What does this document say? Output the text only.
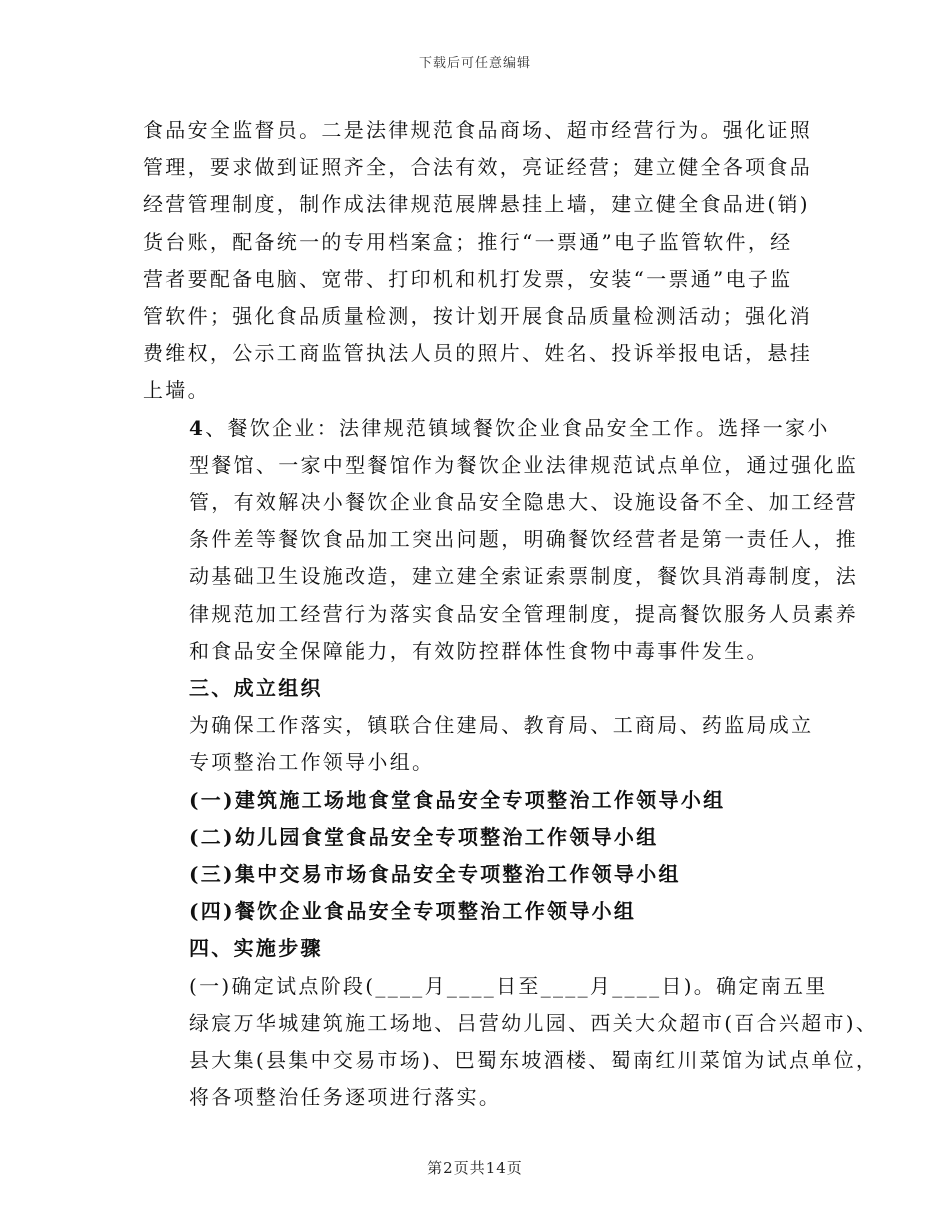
下载后可任意编辑
食品安全监督员。二是法律规范食品商场、超市经营行为。强化证照
管理，要求做到证照齐全，合法有效，亮证经营；建立健全各项食品
经营管理制度，制作成法律规范展牌悬挂上墙，建立健全食品进(销)
货台账，配备统一的专用档案盒；推行“一票通”电子监管软件，经
营者要配备电脑、宽带、打印机和机打发票，安装“一票通”电子监
管软件；强化食品质量检测，按计划开展食品质量检测活动；强化消
费维权，公示工商监管执法人员的照片、姓名、投诉举报电话，悬挂
上墙。
4、餐饮企业：法律规范镇域餐饮企业食品安全工作。选择一家小
型餐馆、一家中型餐馆作为餐饮企业法律规范试点单位，通过强化监
管，有效解决小餐饮企业食品安全隐患大、设施设备不全、加工经营
条件差等餐饮食品加工突出问题，明确餐饮经营者是第一责任人，推
动基础卫生设施改造，建立建全索证索票制度，餐饮具消毒制度，法
律规范加工经营行为落实食品安全管理制度，提高餐饮服务人员素养
和食品安全保障能力，有效防控群体性食物中毒事件发生。
三、成立组织
为确保工作落实，镇联合住建局、教育局、工商局、药监局成立
专项整治工作领导小组。
(一)建筑施工场地食堂食品安全专项整治工作领导小组
(二)幼儿园食堂食品安全专项整治工作领导小组
(三)集中交易市场食品安全专项整治工作领导小组
(四)餐饮企业食品安全专项整治工作领导小组
四、实施步骤
(一)确定试点阶段(____月____日至____月____日)。确定南五里
绿宸万华城建筑施工场地、吕营幼儿园、西关大众超市(百合兴超市)、
县大集(县集中交易市场)、巴蜀东坡酒楼、蜀南红川菜馆为试点单位，
将各项整治任务逐项进行落实。
第2页共14页
